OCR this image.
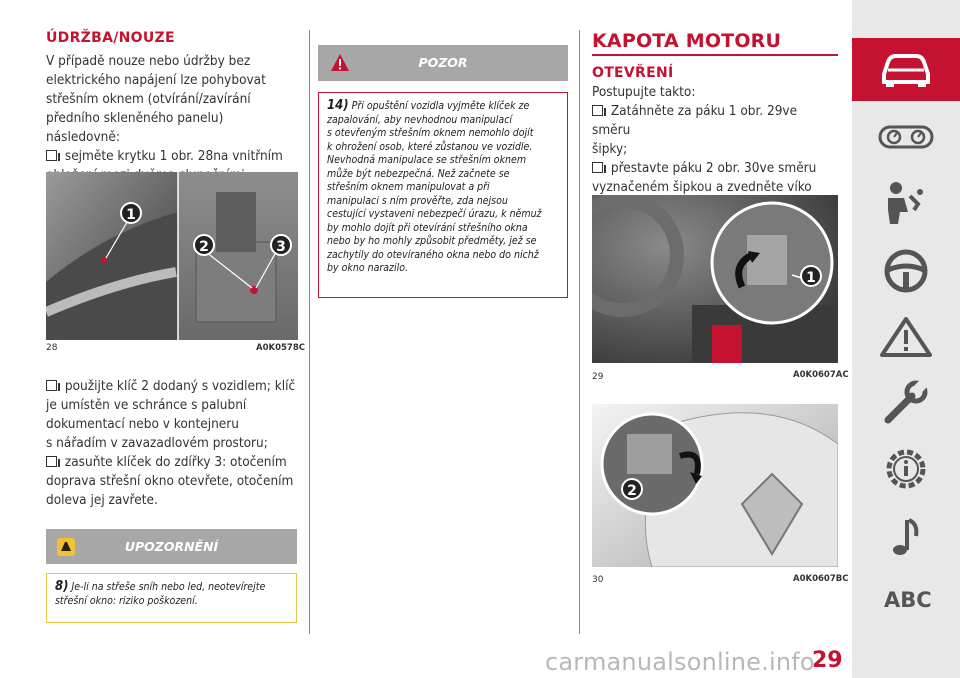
ÚDRŽBA/NOUZE
V případě nouze nebo údržby bez
elektrického napájení lze pohybovat
střešním oknem (otvírání/zavírání
předního skleněného panelu) následovně:
sejměte krytku 1 obr. 28na vnitřním
1
2	3
28	A0K0578C
použijte klíč 2 dodaný s vozidlem; klíč
je umístěn ve schránce s palubní
dokumentací nebo v kontejneru
s nářadím v zavazadlovém prostoru;
zasuňte klíček do zdířky 3: otočením
doprava střešní okno otevřete, otočením
doleva jej zavřete.
UPOZORNĚNÍ
8) Je-li na střeše sníh nebo led, neotevírejte
střešní okno: riziko poškození.
POZOR
14) Při opuštění vozidla vyjměte klíček ze
zapalování, aby nevhodnou manipulací
s otevřeným střešním oknem nemohlo dojít
k ohrožení osob, které zůstanou ve vozidle.
Nevhodná manipulace se střešním oknem
může být nebezpečná. Než začnete se
střešním oknem manipulovat a při
manipulaci s ním prověřte, zda nejsou
cestující vystaveni nebezpečí úrazu, k němuž
by mohlo dojít při otevírání střešního okna
nebo by ho mohly způsobit předměty, jež se
zachytily do otevíraného okna nebo do nichž
by okno narazilo.
KAPOTA MOTORU
OTEVŘENÍ
Postupujte takto:
Zatáhněte za páku 1 obr. 29ve směru
šipky;
přestavte páku 2 obr. 30ve směru
vyznačeném šipkou a zvedněte víko
1
29	A0K0607AC
2
30	A0K0607BC
ABC
carmanualsonline.info
29
